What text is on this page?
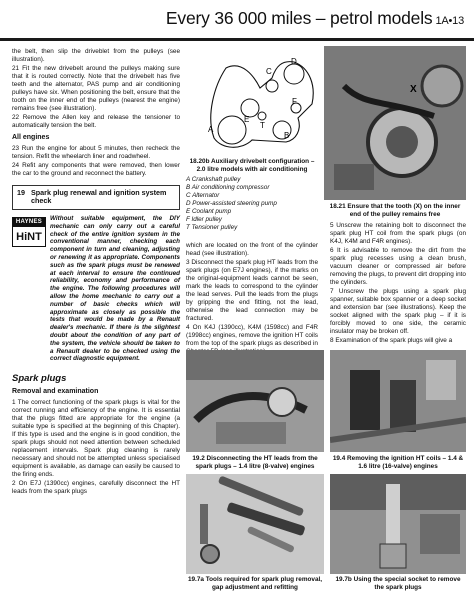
Every 36 000 miles – petrol models 1A•13

the belt, then slip the driveblet from the pulleys (see illustration).

21 Fit the new drivebelt around the pulleys making sure that it is routed correctly. Note that the drivebelt has five teeth and the alternator, PAS pump and air conditioning pulleys have six. When positioning the belt, ensure that the tooth on the inner end of the pulleys (nearest the engine) remains free (see illustration).

22 Remove the Allen key and release the tensioner to automatically tension the belt.

All engines

23 Run the engine for about 5 minutes, then recheck the tension. Refit the wheelarch liner and roadwheel.

24 Refit any components that were removed, then lower the car to the ground and reconnect the battery.

19 Spark plug renewal and ignition system check
HAYNES
HiNT
Without suitable equipment, the DIY mechanic can only carry out a careful check of the entire ignition system in the conventional manner, checking each component in turn and cleaning, adjusting or renewing it as appropriate. Components such as the spark plugs must be renewed at each interval to ensure the continued reliability, economy and performance of the engine. The following procedures will allow the home mechanic to carry out a number of basic checks which will approximate as closely as possible the tests that would be made by a Renault dealer's mechanic. If there is the slightest doubt about the condition of any part of the system, the vehicle should be taken to a Renault dealer to be checked using the correct diagnostic equipment.
Spark plugs
Removal and examination

1 The correct functioning of the spark plugs is vital for the correct running and efficiency of the engine. It is essential that the plugs fitted are appropriate for the engine (a suitable type is specified at the beginning of this Chapter). If this type is used and the engine is in good condition, the spark plugs should not need attention between scheduled replacement intervals. Spark plug cleaning is rarely necessary and should not be attempted unless specialised equipment is available, as damage can easily be caused to the firing ends.

2 On E7J (1390cc) engines, carefully disconnect the HT leads from the spark plugs

A
B
C
D
E
F
T
18.20b Auxiliary drivebelt configuration – 2.0 litre models with air conditioning
A Crankshaft pulley
B Air conditioning compressor
C Alternator
D Power-assisted steering pump
E Coolant pump
F Idler pulley
T Tensioner pulley
X
18.21 Ensure that the tooth (X) on the inner end of the pulley remains free

which are located on the front of the cylinder head (see illustration).

3 Disconnect the spark plug HT leads from the spark plugs (on E7J engines), if the marks on the original-equipment leads cannot be seen, mark the leads to correspond to the cylinder the lead serves. Pull the leads from the plugs by gripping the end fitting, not the lead, otherwise the lead connection may be fractured.

4 On K4J (1390cc), K4M (1598cc) and F4R (1998cc) engines, remove the ignition HT coils from the top of the spark plugs as described in

5 Unscrew the retaining bolt to disconnect the spark plug HT coil from the spark plugs (on K4J, K4M and F4R engines).

6 It is advisable to remove the dirt from the spark plug recesses using a clean brush, vacuum cleaner or compressed air before removing the plugs, to prevent dirt dropping into the cylinders.

7 Unscrew the plugs using a spark plug spanner, suitable box spanner or a deep socket and extension bar (see illustrations). Keep the socket aligned with the spark plug – if it is forcibly moved to one side, the ceramic insulator may be broken off.

8 Examination of the spark plugs will give a

19.2 Disconnecting the HT leads from the spark plugs – 1.4 litre (8-valve) engines
19.4 Removing the ignition HT coils – 1.4 & 1.6 litre (16-valve) engines
19.7a Tools required for spark plug removal, gap adjustment and refitting
19.7b Using the special socket to remove the spark plugs
